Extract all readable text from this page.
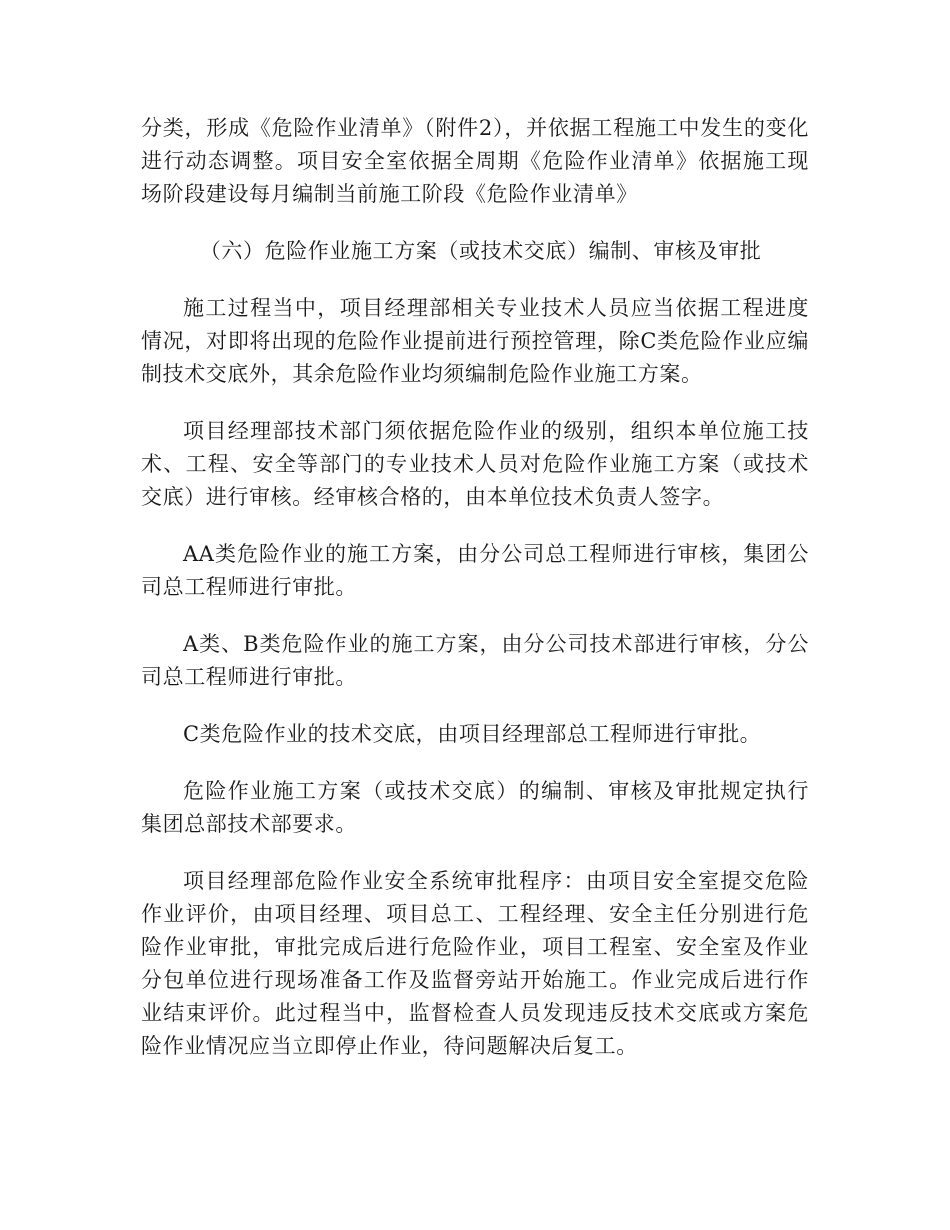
分类，形成《危险作业清单》（附件2），并依据工程施工中发生的变化进行动态调整。项目安全室依据全周期《危险作业清单》依据施工现场阶段建设每月编制当前施工阶段《危险作业清单》

（六）危险作业施工方案（或技术交底）编制、审核及审批

施工过程当中，项目经理部相关专业技术人员应当依据工程进度情况，对即将出现的危险作业提前进行预控管理，除C类危险作业应编制技术交底外，其余危险作业均须编制危险作业施工方案。

项目经理部技术部门须依据危险作业的级别，组织本单位施工技术、工程、安全等部门的专业技术人员对危险作业施工方案（或技术交底）进行审核。经审核合格的，由本单位技术负责人签字。

AA类危险作业的施工方案，由分公司总工程师进行审核，集团公司总工程师进行审批。

A类、B类危险作业的施工方案，由分公司技术部进行审核，分公司总工程师进行审批。

C类危险作业的技术交底，由项目经理部总工程师进行审批。

危险作业施工方案（或技术交底）的编制、审核及审批规定执行集团总部技术部要求。

项目经理部危险作业安全系统审批程序：由项目安全室提交危险作业评价，由项目经理、项目总工、工程经理、安全主任分别进行危险作业审批，审批完成后进行危险作业，项目工程室、安全室及作业分包单位进行现场准备工作及监督旁站开始施工。作业完成后进行作业结束评价。此过程当中，监督检查人员发现违反技术交底或方案危险作业情况应当立即停止作业，待问题解决后复工。
